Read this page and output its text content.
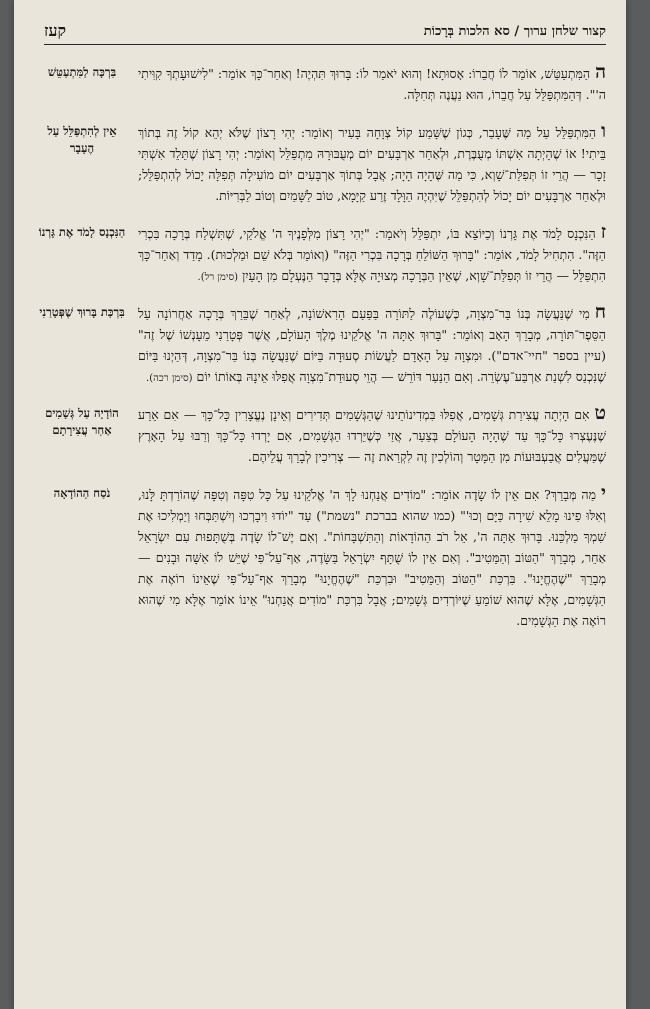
קצור שלחן ערוך / סא הלכות בְּרָכוֹת
קעז
ההַמִּתְעַטֵּשׁ, אוֹמֵר לוֹ חֲבֵרוֹ: אָסוּתָא! וְהוּא יֹאמַר לוֹ: בָּרוּךְ תִּהְיֶה! וְאַחַר־כָּךְ אוֹמֵר: "לִישׁוּעָתְךָ קִוִּיתִי ה'". דְּהַמִּתְפַּלֵּל עַל חֲבֵרוֹ, הוּא נַעֲנֶה תְּחִלָּה.
בִּרְכָּה לַמִּתְעַטֵּשׁ
והַמִּתְפַּלֵּל עַל מַה שֶּׁעָבַר, כְּגוֹן שֶׁשָּׁמַע קוֹל צְוָחָה בָּעִיר וְאוֹמֵר: יְהִי רָצוֹן שֶׁלֹּא יְהֵא קוֹל זֶה בְּתוֹךְ בֵּיתִי! אוֹ שֶׁהָיְתָה אִשְׁתּוֹ מְעֻבֶּרֶת, וּלְאַחַר אַרְבָּעִים יוֹם מְעֻבּוּרָהּ מִתְפַּלֵּל וְאוֹמֵר: יְהִי רָצוֹן שֶׁתֵּלֵד אִשְׁתִּי זָכָר — הֲרֵי זוֹ תְּפִלַּת־שָׁוְא, כִּי מַה שֶּׁהָיָה הָיָה; אֲבָל בְּתוֹךְ אַרְבָּעִים יוֹם מוֹעִילָה תְּפִלָּה יָכוֹל לְהִתְפַּלֵּל; וּלְאַחַר אַרְבָּעִים יוֹם יָכוֹל לְהִתְפַּלֵּל שֶׁיִּהְיֶה הַוָּלָד זֶרַע קַיָּמָא, טוֹב לַשָּׁמַיִם וְטוֹב לַבְּרִיּוֹת.
אֵין לְהִתְפַּלֵּל עַל הֶעָבָר
זהַנִּכְנָס לָמֹד אֶת גָּרְנוֹ וְכַיּוֹצֵא בּוֹ, יִתְפַּלֵּל וְיֹאמַר: "יְהִי רָצוֹן מִלְּפָנֶיךָ ה' אֱלֹקַי, שֶׁתִּשְׁלַח בְּרָכָה בִּכְרִי הַזֶּה". הִתְחִיל לָמֹד, אוֹמֵר: "בָּרוּךְ הַשּׁוֹלֵחַ בְּרָכָה בִּכְרִי הַזֶּה" (וְאוֹמֵר בְּלֹא שֵׁם וּמַלְכוּת). מָדַד וְאַחַר־כָּךְ הִתְפַּלֵּל — הֲרֵי זוֹ תְּפִלַּת־שָׁוְא, שֶׁאֵין הַבְּרָכָה מְצוּיָה אֶלָּא בְּדָבָר הַנֶּעְלָם מִן הָעַיִן (סימן רל).
הַנִּכְנָס לָמֹד אֶת גָּרְנוֹ
חמִי שֶׁנַּעֲשָׂה בְּנוֹ בַּר־מִצְוָה, כְּשֶׁעוֹלֶה לַתּוֹרָה בַּפַּעַם הָרִאשׁוֹנָה, לְאַחַר שֶׁבֵּרַךְ בְּרָכָה אַחֲרוֹנָה עַל הַסֵּפֶר־תּוֹרָה, מְבָרֵךְ הָאָב וְאוֹמֵר: "בָּרוּךְ אַתָּה ה' אֱלֹקֵינוּ מֶלֶךְ הָעוֹלָם, אֲשֶׁר פְּטָרַנִי מֵעָנְשׁוֹ שֶׁל זֶה" (עיין בספר "חיי־אדם"). וּמִצְוָה עַל הָאָדָם לַעֲשׂוֹת סְעוּדָה בַּיּוֹם שֶׁנַּעֲשָׂה בְּנוֹ בַּר־מִצְוָה, דְּהַיְנוּ בַּיּוֹם שֶׁנִּכְנַס לִשְׁנַת אַרְבַּע־עֶשְׂרֵה. וְאִם הַנַּעַר דּוֹרֵשׁ — הֲוֵי סְעוּדַת־מִצְוָה אֲפִלּוּ אֵינָהּ בְּאוֹתוֹ יוֹם (סימן רכה).
בִּרְכַּת בָּרוּךְ שֶׁפְּטָרַנִי
טאִם הָיְתָה עֲצִירַת גְּשָׁמִים, אֲפִלּוּ בִּמְדִינוֹתֵינוּ שֶׁהַגְּשָׁמִים תְּדִירִים וְאֵינָן נֶעֱצָרִין כָּל־כָּךְ — אִם אֵרַע שֶׁנֶּעֶצְרוּ כָּל־כָּךְ עַד שֶׁהָיָה הָעוֹלָם בְּצַעַר, אֲזַי כְּשֶׁיֵּרְדוּ הַגְּשָׁמִים, אִם יָרְדוּ כָּל־כָּךְ וְרַבּוּ עַל הָאָרֶץ שֶׁמַּעֲלִים אֲבַעְבּוּעוֹת מִן הַמָּטָר וְהוֹלְכִין זֶה לִקְרַאת זֶה — צְרִיכִין לְבָרֵךְ עֲלֵיהֶם.
הוֹדָיָה עַל גְּשָׁמִים אַחַר עֲצִירָתָם
ימַה מְּבָרֵךְ? אִם אֵין לוֹ שָׂדֶה אוֹמֵר: "מוֹדִים אֲנַחְנוּ לָךְ ה' אֱלֹקֵינוּ עַל כָּל טִפָּה וְטִפָּה שֶׁהוֹרַדְתָּ לָּנוּ, וְאִלּוּ פִינוּ מָלֵא שִׁירָה כַּיָּם וְכוּ'" (כמו שהוא בברכת "נשמת") עַד "יוֹדוּ וִיבָרְכוּ וְיִשְׁתַּבְּחוּ וְיַמְלִיכוּ אֶת שִׁמְךָ מַלְכֵּנוּ. בָּרוּךְ אַתָּה ה', אֵל רֹב הַהוֹדָאוֹת וְהַתִּשְׁבָּחוֹת". וְאִם יֶשׁ־לוֹ שָׂדֶה בְּשֻׁתָּפוּת עִם יִשְׂרָאֵל אַחֵר, מְבָרֵךְ "הַטּוֹב וְהַמֵּטִיב". וְאִם אֵין לוֹ שֻׁתָּף יִשְׂרָאֵל בַּשָּׂדֶה, אַף־עַל־פִּי שֶׁיֵּשׁ לוֹ אִשָּׁה וּבָנִים — מְבָרֵךְ "שֶׁהֶחֱיָנוּ". בִּרְכַּת "הַטּוֹב וְהַמֵּטִיב" וּבִרְכַּת "שֶׁהֶחֱיָנוּ" מְבָרֵךְ אַף־עַל־פִּי שֶׁאֵינוֹ רוֹאֶה אֶת הַגְּשָׁמִים, אֶלָּא שֶׁהוּא שׁוֹמֵעַ שֶׁיּוֹרְדִים גְּשָׁמִים; אֲבָל בִּרְכַּת "מוֹדִים אֲנַחְנוּ" אֵינוֹ אוֹמֵר אֶלָּא מִי שֶׁהוּא רוֹאֶה אֶת הַגְּשָׁמִים.
נֹסַח הַהוֹדָאָה
